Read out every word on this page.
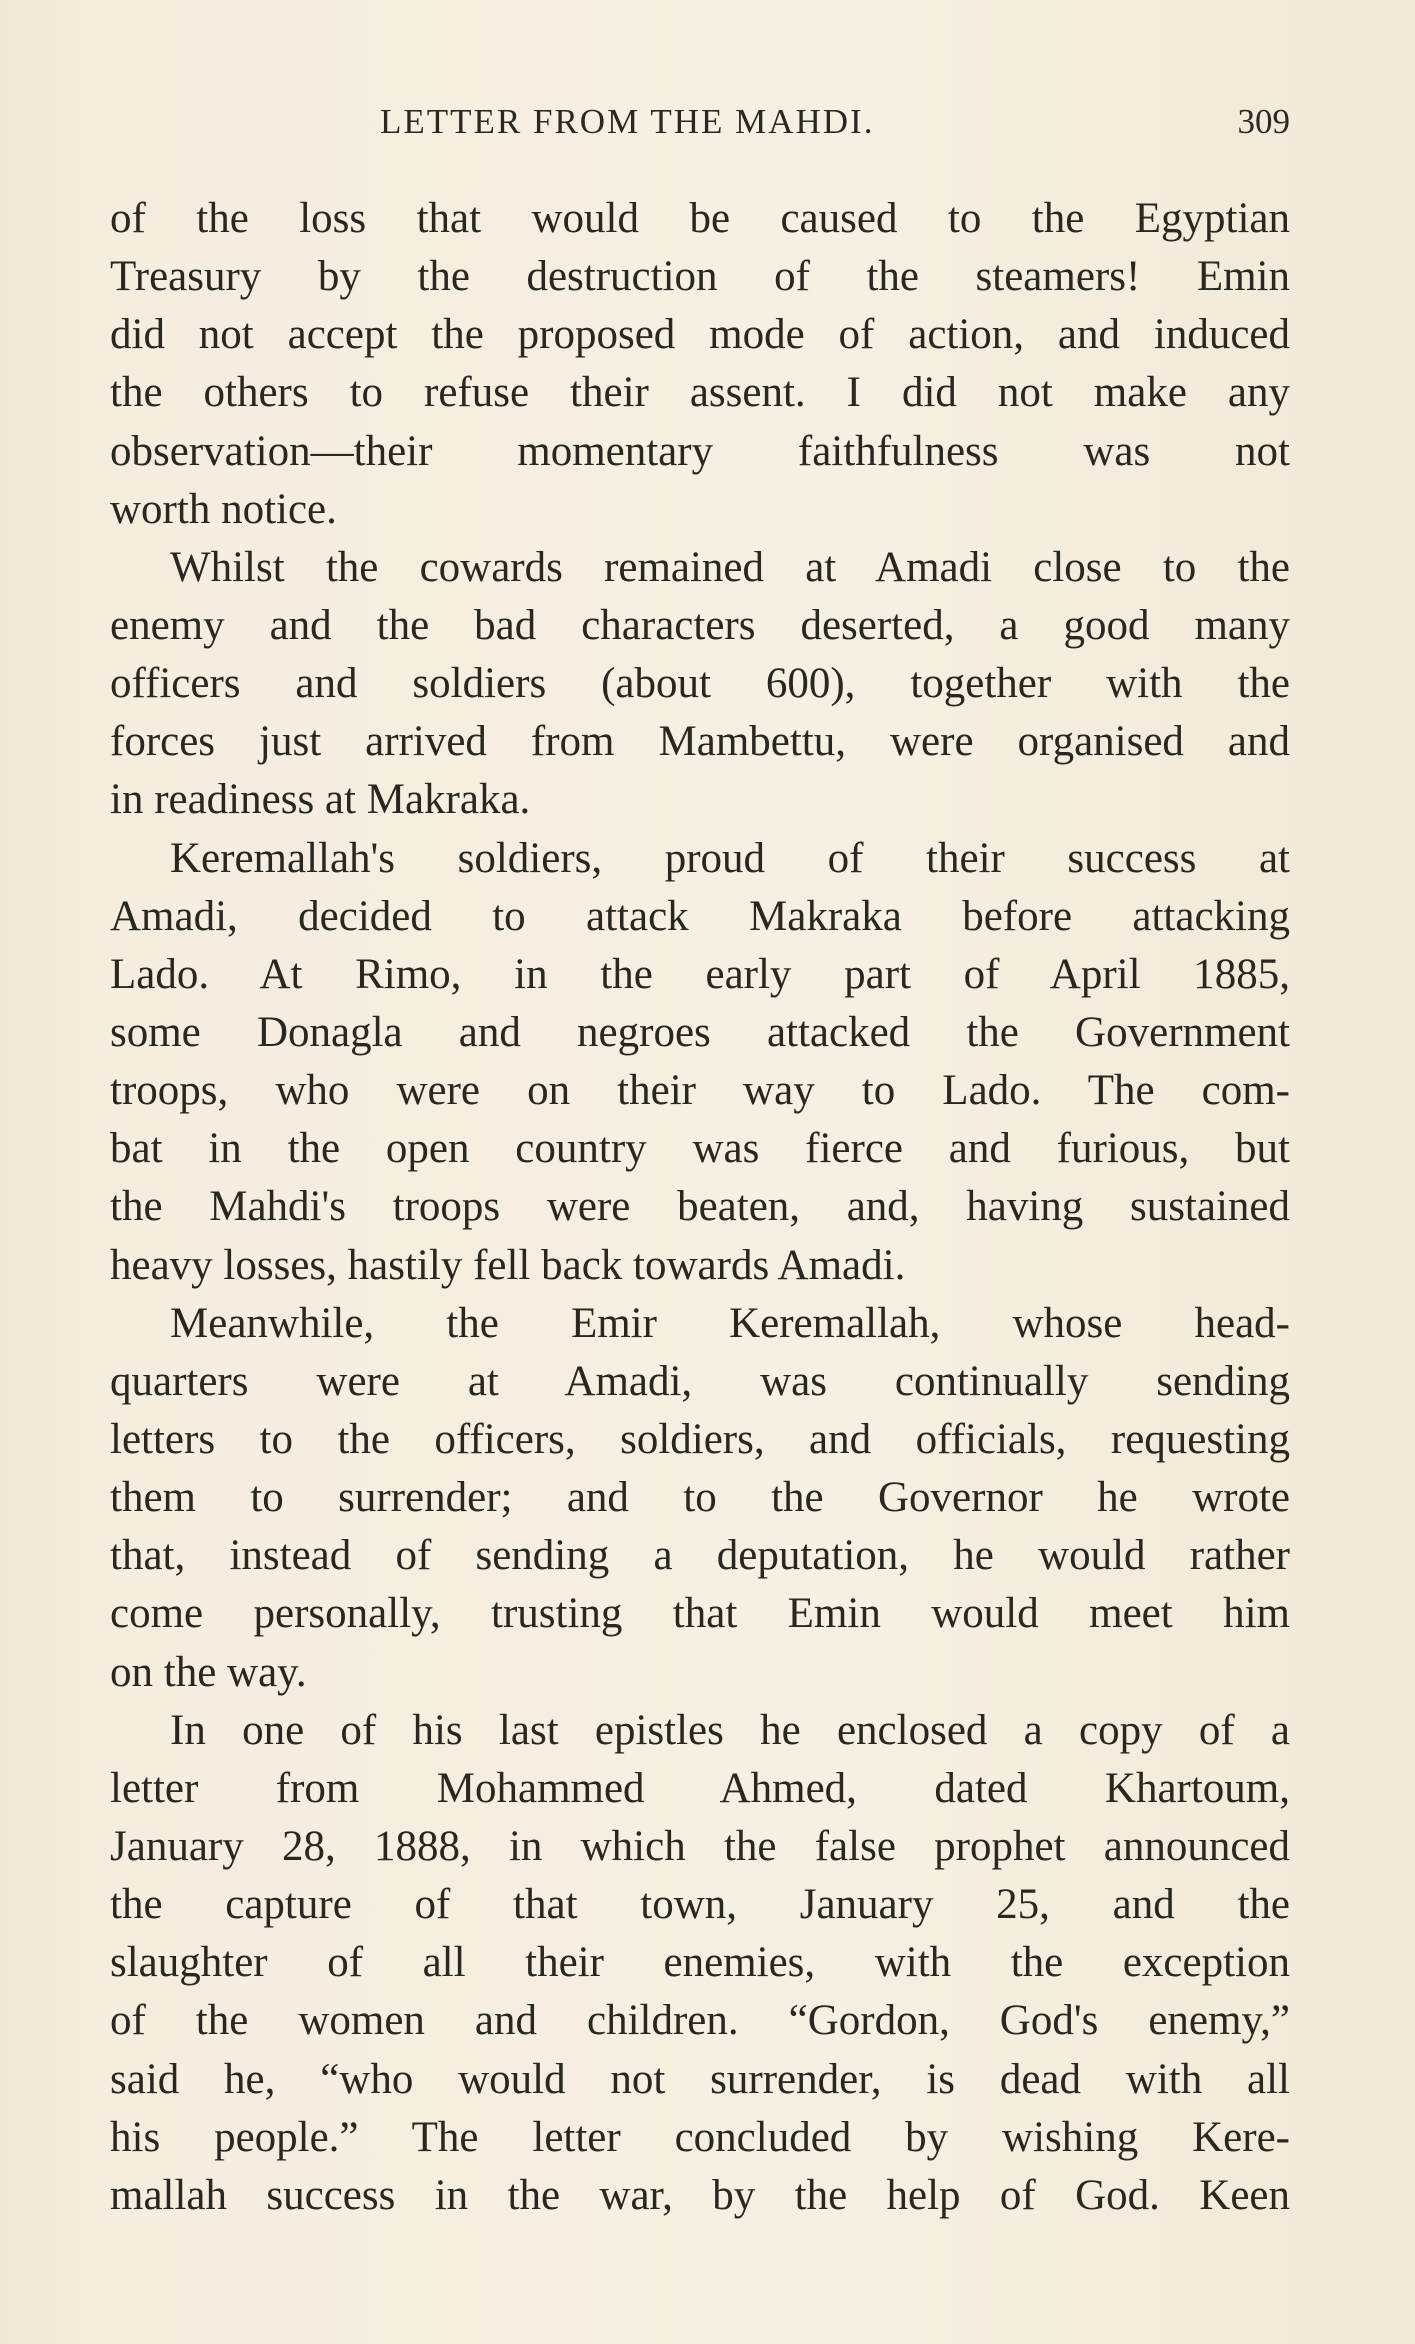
LETTER FROM THE MAHDI.	309
of the loss that would be caused to the Egyptian
Treasury by the destruction of the steamers! Emin
did not accept the proposed mode of action, and induced
the others to refuse their assent. I did not make any
observation—their momentary faithfulness was not
worth notice.
Whilst the cowards remained at Amadi close to the
enemy and the bad characters deserted, a good many
officers and soldiers (about 600), together with the
forces just arrived from Mambettu, were organised and
in readiness at Makraka.
Keremallah's soldiers, proud of their success at
Amadi, decided to attack Makraka before attacking
Lado. At Rimo, in the early part of April 1885,
some Donagla and negroes attacked the Government
troops, who were on their way to Lado. The com-
bat in the open country was fierce and furious, but
the Mahdi's troops were beaten, and, having sustained
heavy losses, hastily fell back towards Amadi.
Meanwhile, the Emir Keremallah, whose head-
quarters were at Amadi, was continually sending
letters to the officers, soldiers, and officials, requesting
them to surrender; and to the Governor he wrote
that, instead of sending a deputation, he would rather
come personally, trusting that Emin would meet him
on the way.
In one of his last epistles he enclosed a copy of a
letter from Mohammed Ahmed, dated Khartoum,
January 28, 1888, in which the false prophet announced
the capture of that town, January 25, and the
slaughter of all their enemies, with the exception
of the women and children. “Gordon, God's enemy,”
said he, “who would not surrender, is dead with all
his people.” The letter concluded by wishing Kere-
mallah success in the war, by the help of God. Keen
